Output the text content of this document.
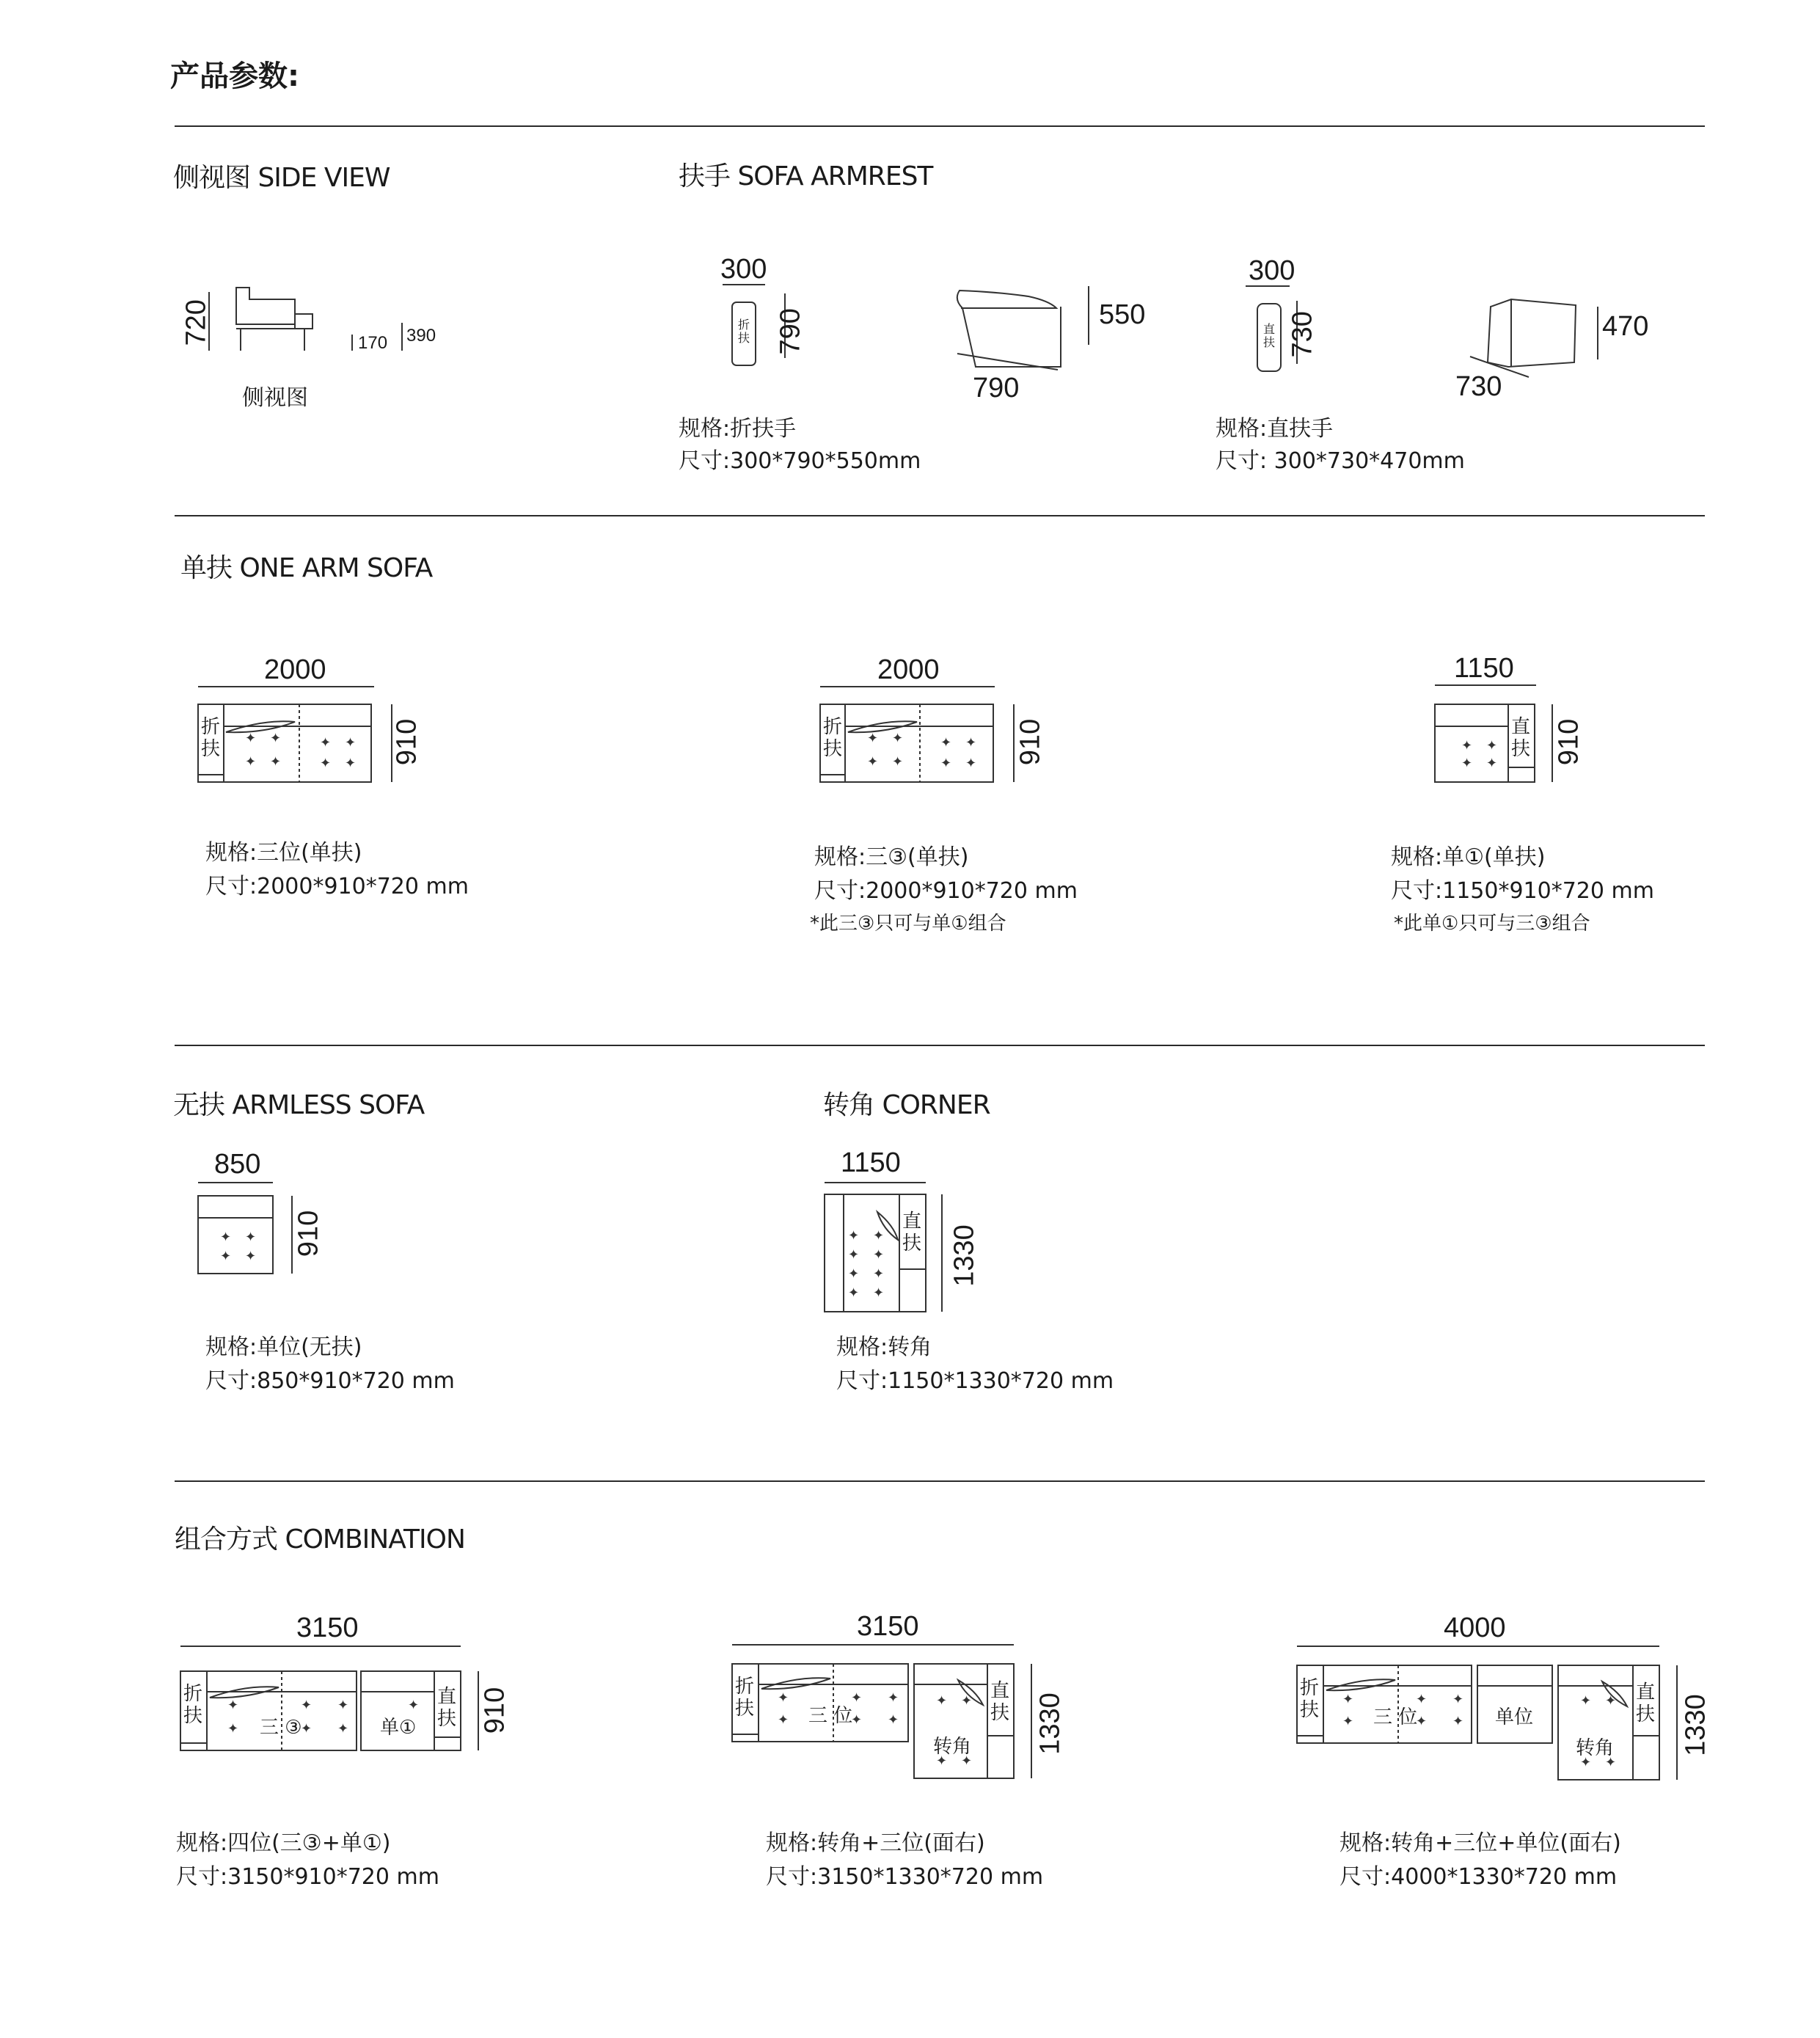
产品参数:
侧视图 SIDE VIEW	扶手 SOFA ARMREST
单扶 ONE ARM SOFA
无扶 ARMLESS SOFA	转角 CORNER
组合方式 COMBINATION
✦ ✦
✦ ✦
✦ ✦
✦ ✦
✦ ✦
✦ ✦
✦ ✦
✦ ✦
✦ ✦
✦ ✦
✦ ✦
✦ ✦
✦ ✦
✦ ✦
✦ ✦
✦ ✦
✦
✦
✦
✦
✦
✦
✦	✦
✦
✦
✦
✦
✦
✦ ✦
✦ ✦
✦
✦
✦
✦
✦
✦
✦ ✦
✦ ✦
720	170 390
侧视图
300
折扶 790
790
550
规格:折扶手
尺寸:300*790*550mm
300
直扶 730
730
470
规格:直扶手
尺寸: 300*730*470mm
2000
折扶	910
规格:三位(单扶)
尺寸:2000*910*720 mm
2000
折扶	910
规格:三③(单扶)
尺寸:2000*910*720 mm
*此三③只可与单①组合
1150
直扶 910
规格:单①(单扶)
尺寸:1150*910*720 mm
*此单①只可与三③组合
850
910
规格:单位(无扶)
尺寸:850*910*720 mm
1150
直扶 1330
规格:转角
尺寸:1150*1330*720 mm
3150
折扶
三 ③	单①
直扶 910
规格:四位(三③+单①)
尺寸:3150*910*720 mm
3150
折扶	三 位
转角
直扶 1330
规格:转角+三位(面右)
尺寸:3150*1330*720 mm
4000
折扶	三 位	单位
转角
直扶 1330
规格:转角+三位+单位(面右)
尺寸:4000*1330*720 mm
